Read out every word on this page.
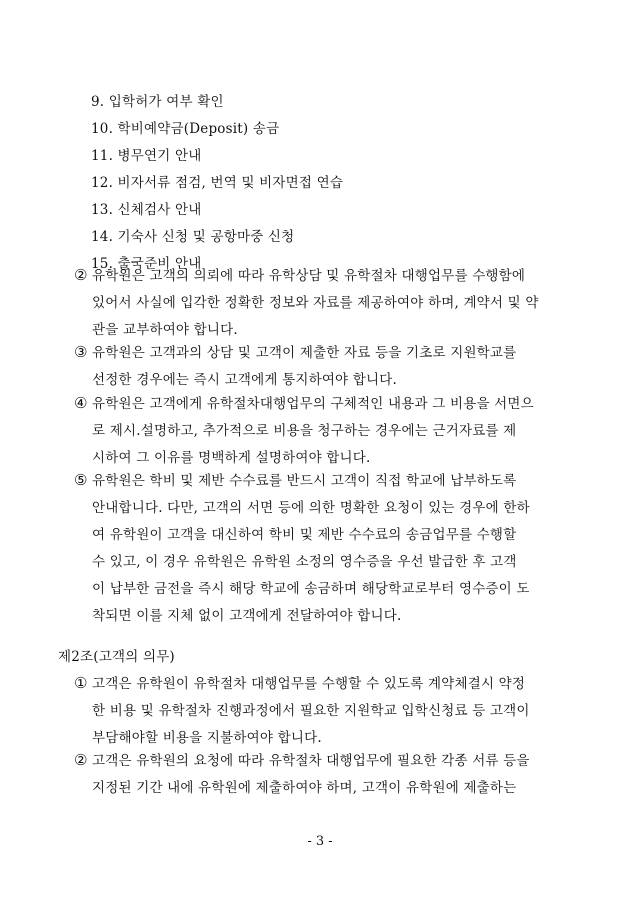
9. 입학허가 여부 확인
10. 학비예약금(Deposit) 송금
11. 병무연기 안내
12. 비자서류 점검, 번역 및 비자면접 연습
13. 신체검사 안내
14. 기숙사 신청 및 공항마중 신청
15. 출국준비 안내
② 유학원은 고객의 의뢰에 따라 유학상담 및 유학절차 대행업무를 수행함에
있어서 사실에 입각한 정확한 정보와 자료를 제공하여야 하며, 계약서 및 약
관을 교부하여야 합니다.
③ 유학원은 고객과의 상담 및 고객이 제출한 자료 등을 기초로 지원학교를
선정한 경우에는 즉시 고객에게 통지하여야 합니다.
④ 유학원은 고객에게 유학절차대행업무의 구체적인 내용과 그 비용을 서면으
로 제시.설명하고, 추가적으로 비용을 청구하는 경우에는 근거자료를 제
시하여 그 이유를 명백하게 설명하여야 합니다.
⑤ 유학원은 학비 및 제반 수수료를 반드시 고객이 직접 학교에 납부하도록
안내합니다. 다만, 고객의 서면 등에 의한 명확한 요청이 있는 경우에 한하
여 유학원이 고객을 대신하여 학비 및 제반 수수료의 송금업무를 수행할
수 있고, 이 경우 유학원은 유학원 소정의 영수증을 우선 발급한 후 고객
이 납부한 금전을 즉시 해당 학교에 송금하며 해당학교로부터 영수증이 도
착되면 이를 지체 없이 고객에게 전달하여야 합니다.
제2조(고객의 의무)
① 고객은 유학원이 유학절차 대행업무를 수행할 수 있도록 계약체결시 약정
한 비용 및 유학절차 진행과정에서 필요한 지원학교 입학신청료 등 고객이
부담해야할 비용을 지불하여야 합니다.
② 고객은 유학원의 요청에 따라 유학절차 대행업무에 필요한 각종 서류 등을
지정된 기간 내에 유학원에 제출하여야 하며, 고객이 유학원에 제출하는
- 3 -
